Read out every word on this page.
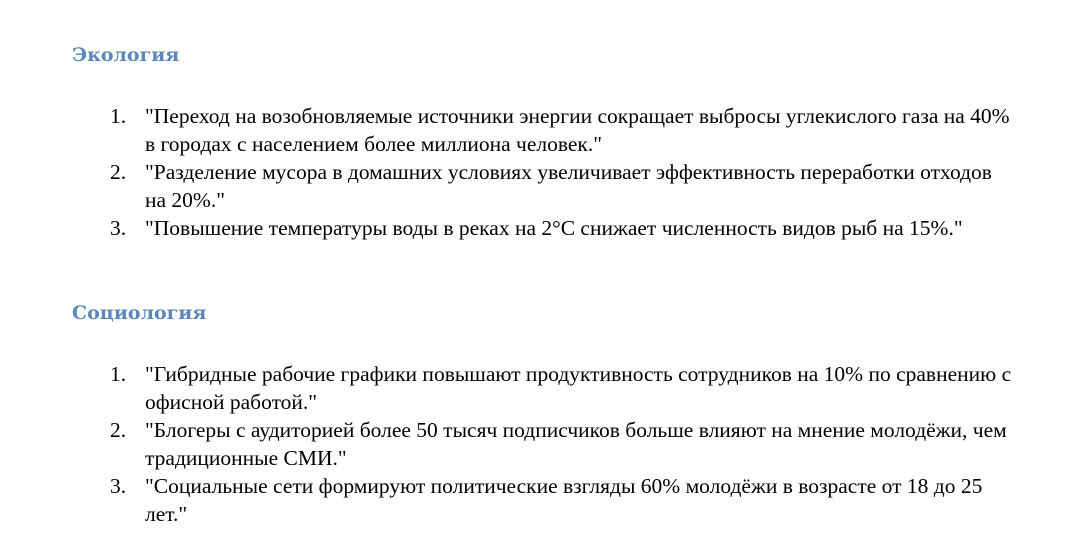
Экология
1. "Переход на возобновляемые источники энергии сокращает выбросы углекислого газа на 40% в городах с населением более миллиона человек."
2. "Разделение мусора в домашних условиях увеличивает эффективность переработки отходов на 20%."
3. "Повышение температуры воды в реках на 2°C снижает численность видов рыб на 15%."
Социология
1. "Гибридные рабочие графики повышают продуктивность сотрудников на 10% по сравнению с офисной работой."
2. "Блогеры с аудиторией более 50 тысяч подписчиков больше влияют на мнение молодёжи, чем традиционные СМИ."
3. "Социальные сети формируют политические взгляды 60% молодёжи в возрасте от 18 до 25 лет."
